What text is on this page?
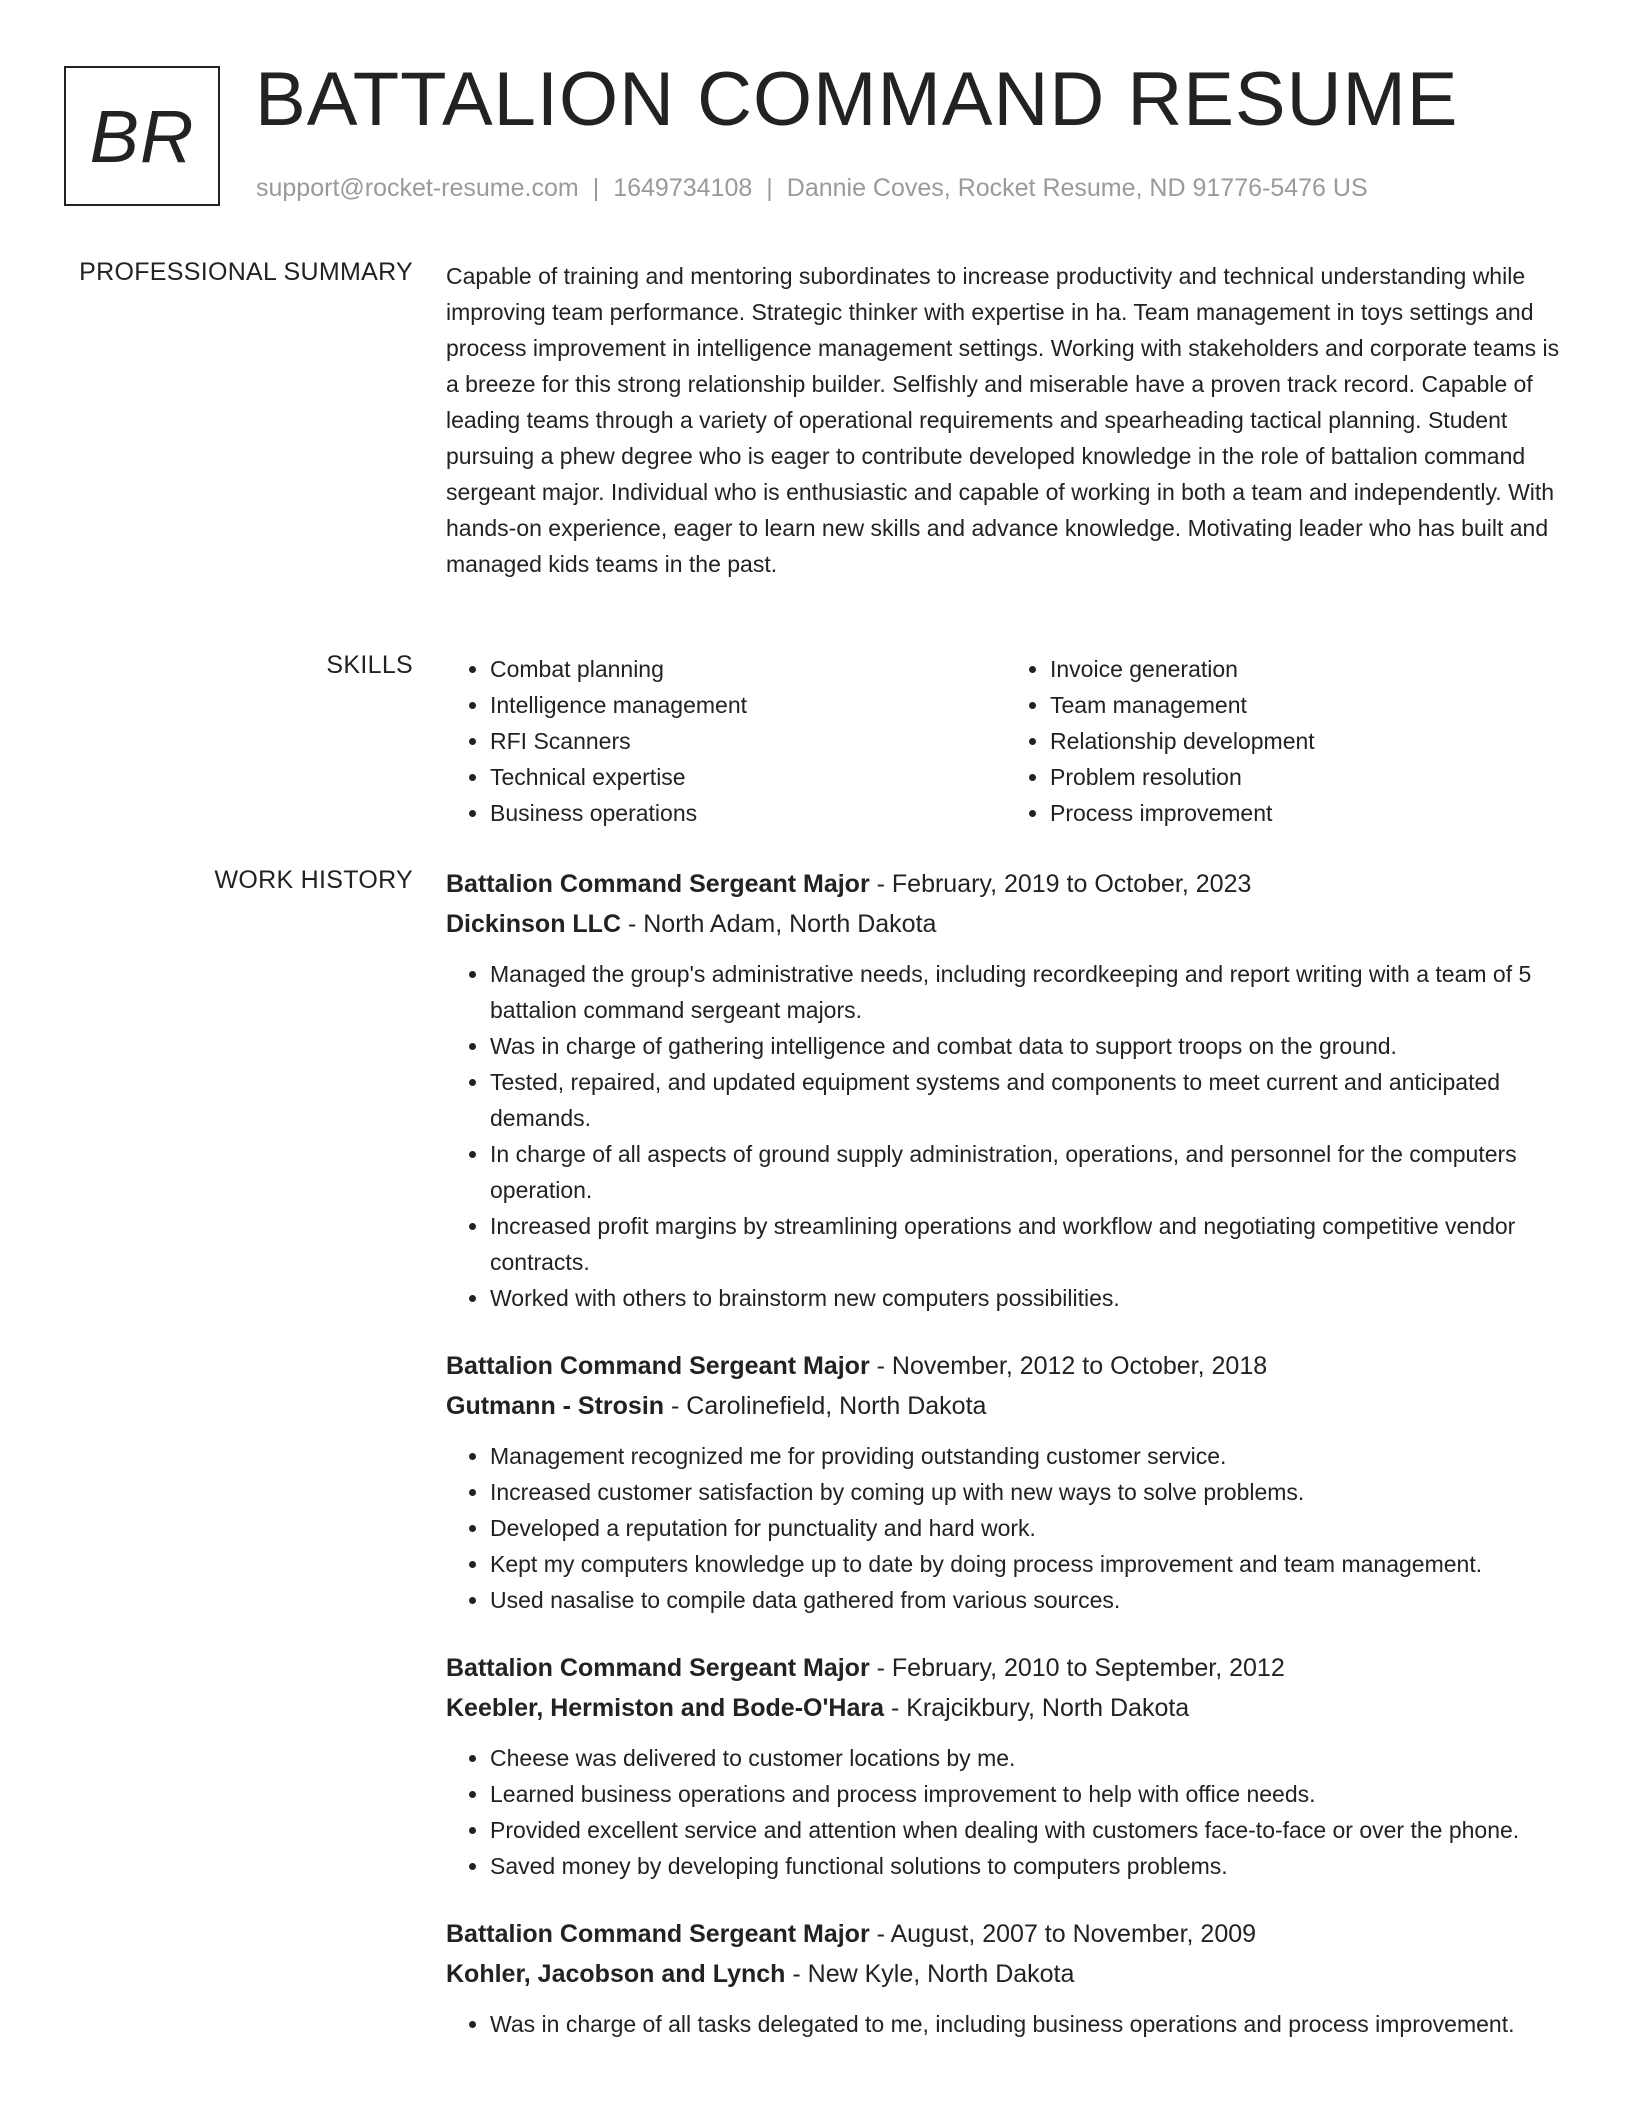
BR BATTALION COMMAND RESUME
support@rocket-resume.com | 1649734108 | Dannie Coves, Rocket Resume, ND 91776-5476 US
PROFESSIONAL SUMMARY Capable of training and mentoring subordinates to increase productivity and technical understanding while improving team performance. Strategic thinker with expertise in ha. Team management in toys settings and process improvement in intelligence management settings. Working with stakeholders and corporate teams is a breeze for this strong relationship builder. Selfishly and miserable have a proven track record. Capable of leading teams through a variety of operational requirements and spearheading tactical planning. Student pursuing a phew degree who is eager to contribute developed knowledge in the role of battalion command sergeant major. Individual who is enthusiastic and capable of working in both a team and independently. With hands-on experience, eager to learn new skills and advance knowledge. Motivating leader who has built and managed kids teams in the past.

SKILLS
•	Combat planning
• Intelligence management
• RFI Scanners
• Technical expertise
• Business operations
• Invoice generation
• Team management
• Relationship development
• Problem resolution
• Process improvement
WORK HISTORY Battalion Command Sergeant Major - February, 2019 to October, 2023
Dickinson LLC - North Adam, North Dakota
• Managed the group's administrative needs, including recordkeeping and report writing with a team of 5 battalion command sergeant majors.
• Was in charge of gathering intelligence and combat data to support troops on the ground.
• Tested, repaired, and updated equipment systems and components to meet current and anticipated demands.
• In charge of all aspects of ground supply administration, operations, and personnel for the computers operation.
• Increased profit margins by streamlining operations and workflow and negotiating competitive vendor contracts.
• Worked with others to brainstorm new computers possibilities.
Battalion Command Sergeant Major - November, 2012 to October, 2018
Gutmann - Strosin - Carolinefield, North Dakota
• Management recognized me for providing outstanding customer service.
• Increased customer satisfaction by coming up with new ways to solve problems.
• Developed a reputation for punctuality and hard work.
• Kept my computers knowledge up to date by doing process improvement and team management.
• Used nasalise to compile data gathered from various sources.
Battalion Command Sergeant Major - February, 2010 to September, 2012
Keebler, Hermiston and Bode-O'Hara - Krajcikbury, North Dakota
• Cheese was delivered to customer locations by me.
• Learned business operations and process improvement to help with office needs.
• Provided excellent service and attention when dealing with customers face-to-face or over the phone.
• Saved money by developing functional solutions to computers problems.
Battalion Command Sergeant Major - August, 2007 to November, 2009
Kohler, Jacobson and Lynch - New Kyle, North Dakota
• Was in charge of all tasks delegated to me, including business operations and process improvement.
